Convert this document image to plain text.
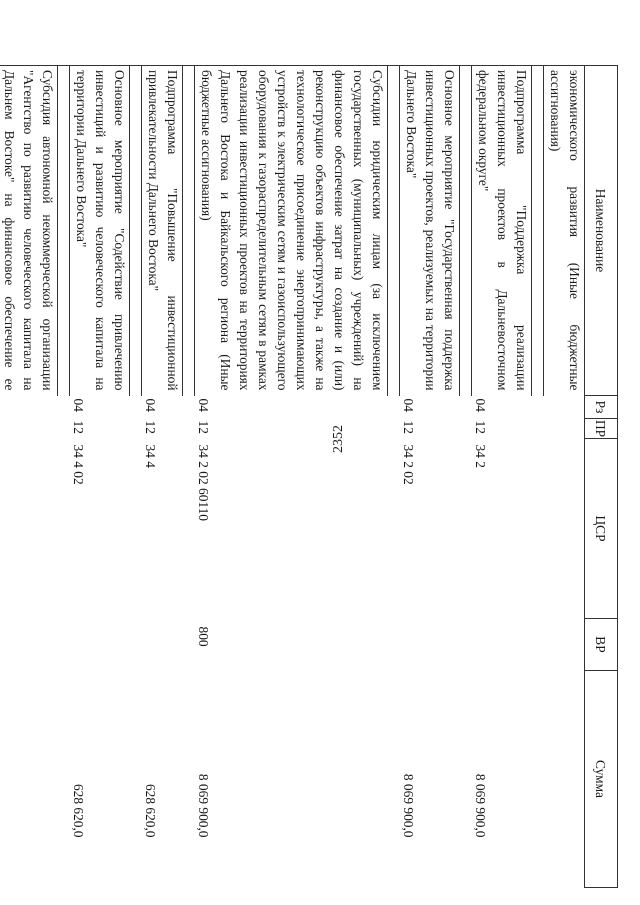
2352
Наименование	Рз	ПР	ЦСР	ВР	Сумма
экономического развития (Иные бюджетные ассигнования)					

Подпрограмма "Поддержка реализации инвестиционных проектов в Дальневосточном федеральном округе"	04	12	34 2		8 069 900,0

Основное мероприятие "Государственная поддержка инвестиционных проектов, реализуемых на территории Дальнего Востока"	04	12	34 2 02		8 069 900,0

Субсидии юридическим лицам (за исключением государственных (муниципальных) учреждений) на финансовое обеспечение затрат на создание и (или) реконструкцию объектов инфраструктуры, а также на технологическое присоединение энергопринимающих устройств к электрическим сетям и газоиспользующего оборудования к газораспределительным сетям в рамках реализации инвестиционных проектов на территориях Дальнего Востока и Байкальского региона (Иные бюджетные ассигнования)	04	12	34 2 02 60110	800	8 069 900,0

Подпрограмма "Повышение инвестиционной привлекательности Дальнего Востока"	04	12	34 4		628 620,0

Основное мероприятие "Содействие привлечению инвестиций и развитию человеческого капитала на территории Дальнего Востока"	04	12	34 4 02		628 620,0

Субсидия автономной некоммерческой организации "Агентство по развитию человеческого капитала на Дальнем Востоке" на финансовое обеспечение ее					
